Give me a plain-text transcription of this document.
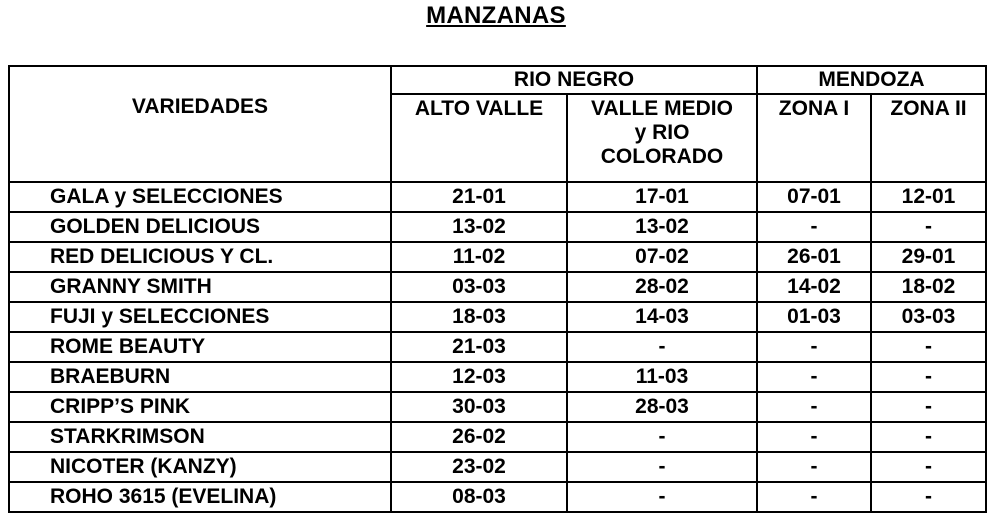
MANZANAS
VARIEDADES	RIO NEGRO		MENDOZA	
	ALTO VALLE	VALLE MEDIO
y RIO
COLORADO	ZONA I	ZONA II
GALA y SELECCIONES	21-01	17-01	07-01	12-01
GOLDEN DELICIOUS	13-02	13-02	-	-
RED DELICIOUS Y CL.	11-02	07-02	26-01	29-01
GRANNY SMITH	03-03	28-02	14-02	18-02
FUJI y SELECCIONES	18-03	14-03	01-03	03-03
ROME BEAUTY	21-03	-	-	-
BRAEBURN	12-03	11-03	-	-
CRIPP’S PINK	30-03	28-03	-	-
STARKRIMSON	26-02	-	-	-
NICOTER (KANZY)	23-02	-	-	-
ROHO 3615 (EVELINA)	08-03	-	-	-
